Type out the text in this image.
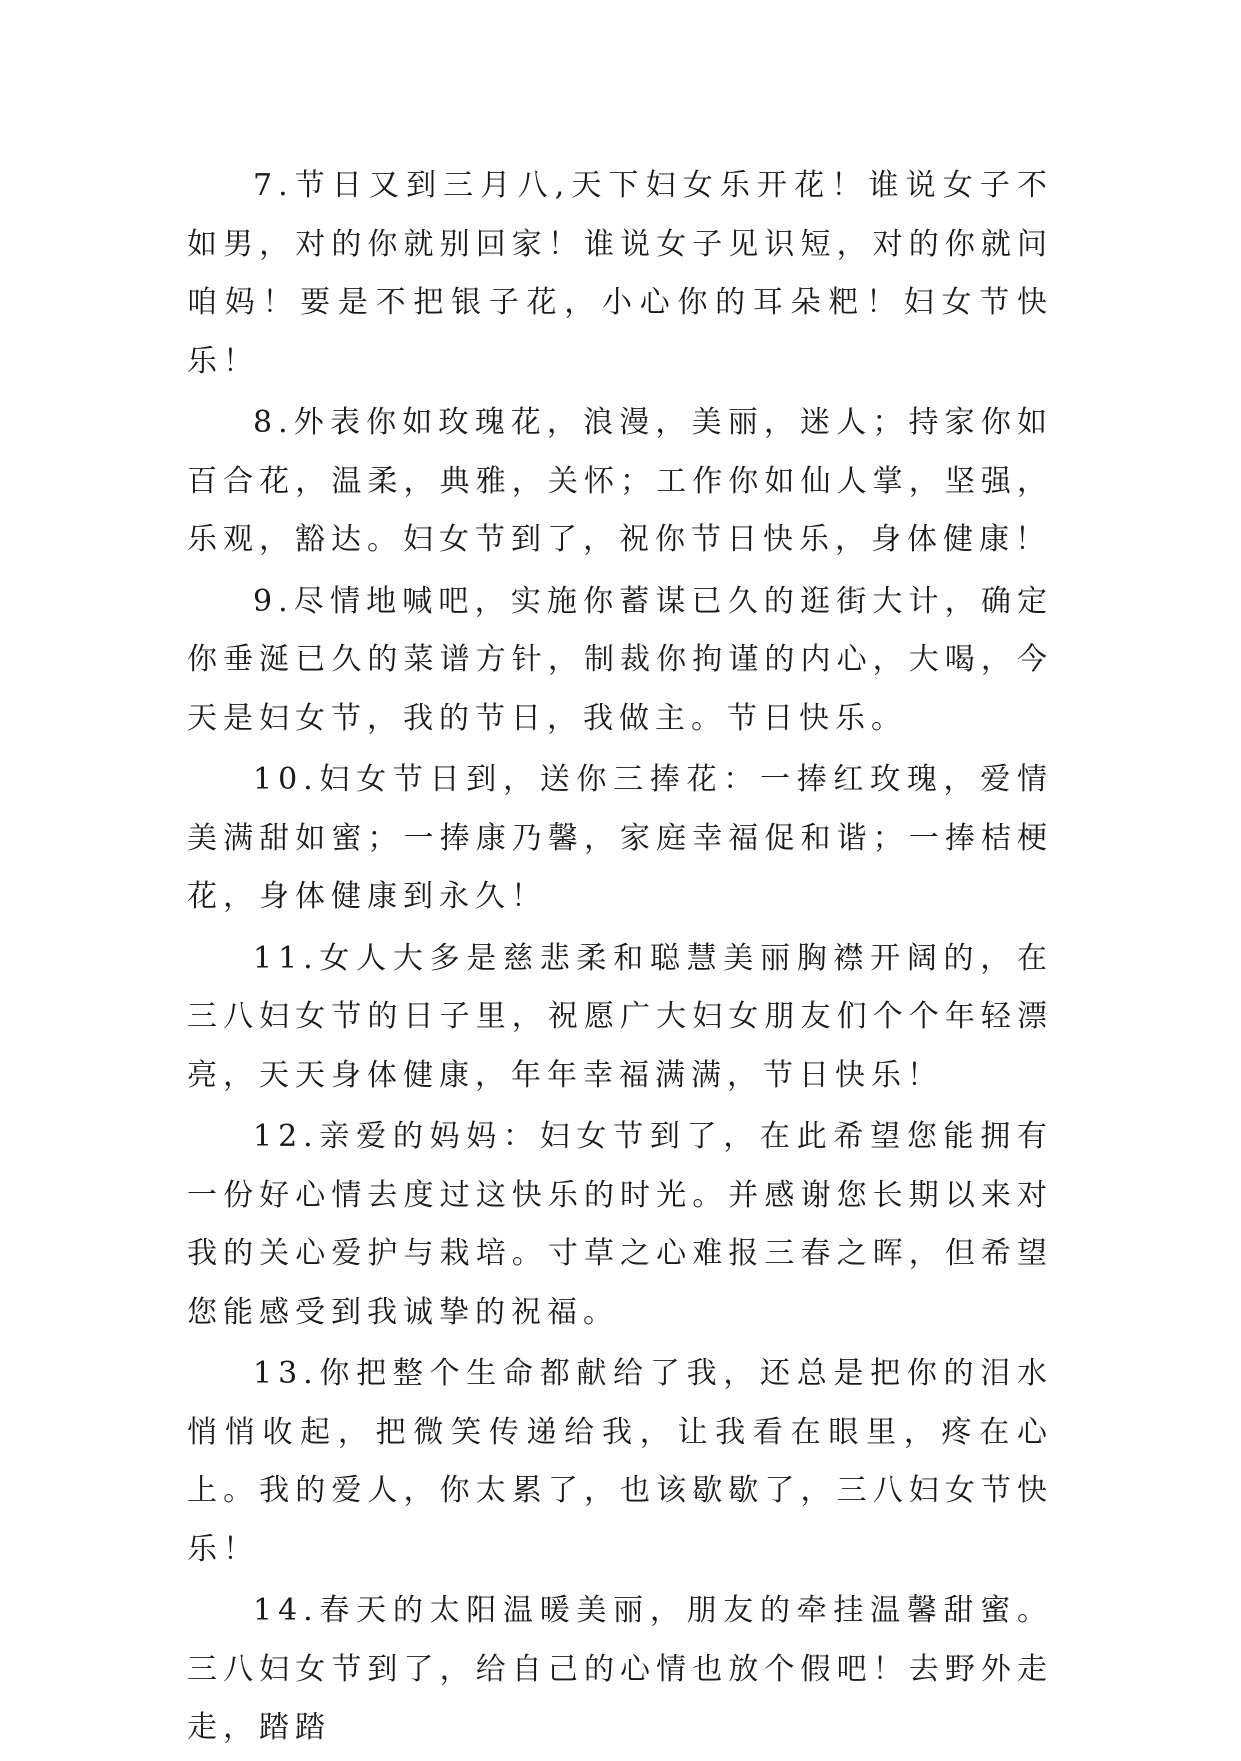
7.节日又到三月八,天下妇女乐开花！谁说女子不如男，对的你就别回家！谁说女子见识短，对的你就问咱妈！要是不把银子花，小心你的耳朵粑！妇女节快乐！

8.外表你如玫瑰花，浪漫，美丽，迷人；持家你如百合花，温柔，典雅，关怀；工作你如仙人掌，坚强，乐观，豁达。妇女节到了，祝你节日快乐，身体健康！

9.尽情地喊吧，实施你蓄谋已久的逛街大计，确定你垂涎已久的菜谱方针，制裁你拘谨的内心，大喝，今天是妇女节，我的节日，我做主。节日快乐。

10.妇女节日到，送你三捧花：一捧红玫瑰，爱情美满甜如蜜；一捧康乃馨，家庭幸福促和谐；一捧桔梗花，身体健康到永久！

11.女人大多是慈悲柔和聪慧美丽胸襟开阔的，在三八妇女节的日子里，祝愿广大妇女朋友们个个年轻漂亮，天天身体健康，年年幸福满满，节日快乐！

12.亲爱的妈妈：妇女节到了，在此希望您能拥有一份好心情去度过这快乐的时光。并感谢您长期以来对我的关心爱护与栽培。寸草之心难报三春之晖，但希望您能感受到我诚挚的祝福。

13.你把整个生命都献给了我，还总是把你的泪水悄悄收起，把微笑传递给我，让我看在眼里，疼在心上。我的爱人，你太累了，也该歇歇了，三八妇女节快乐！

14.春天的太阳温暖美丽，朋友的牵挂温馨甜蜜。三八妇女节到了，给自己的心情也放个假吧！去野外走走，踏踏
